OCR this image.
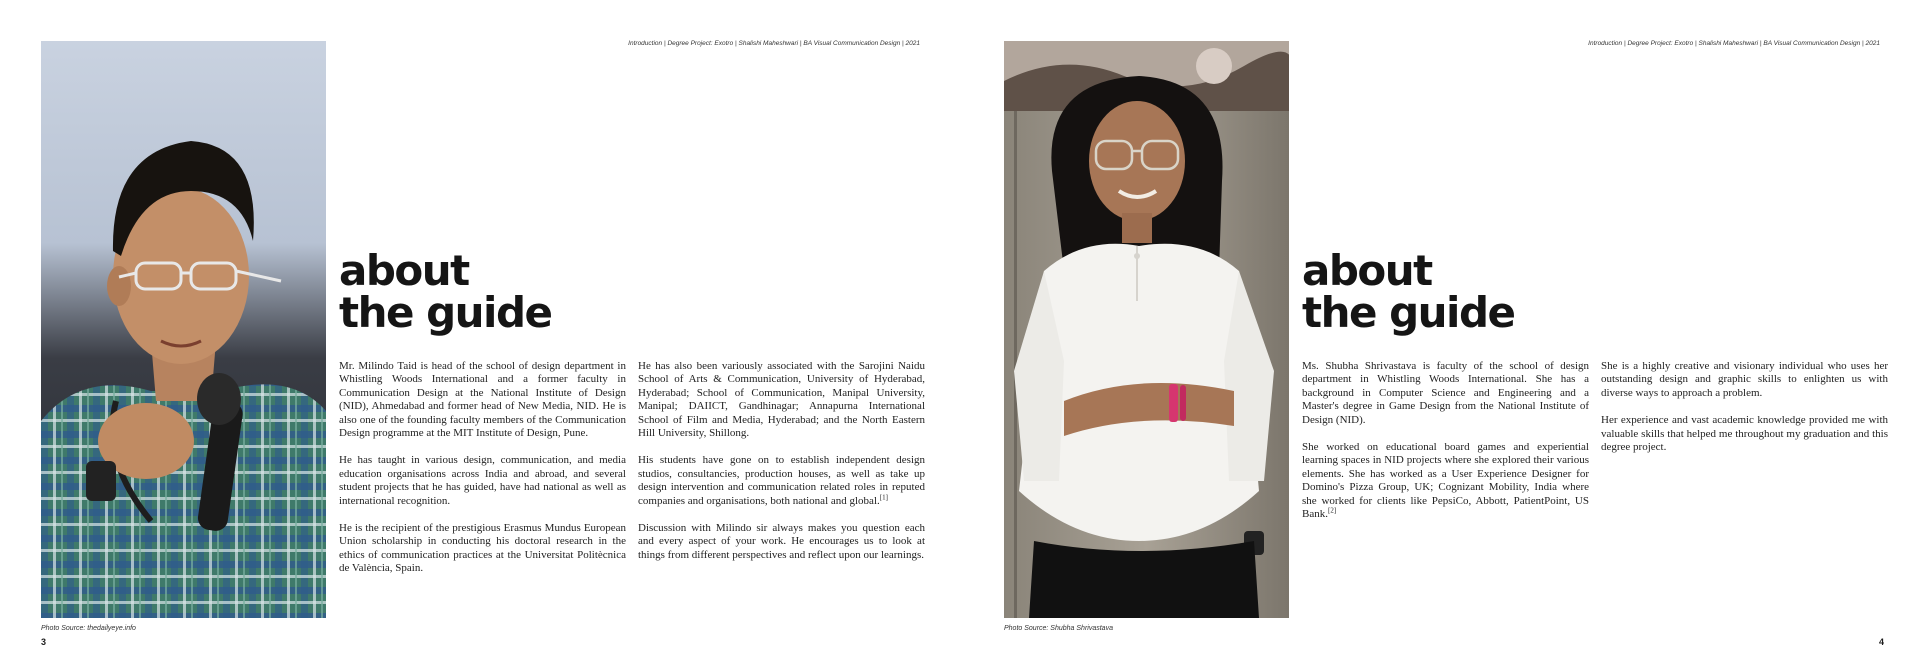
Introduction | Degree Project: Exotro | Shalishi Maheshwari | BA Visual Communication Design | 2021
Photo Source: thedailyeye.info
3
about
the guide

Mr. Milindo Taid is head of the school of design department in Whistling Woods International and a former faculty in Communication Design at the National Institute of Design (NID), Ahmedabad and former head of New Media, NID. He is also one of the founding faculty members of the Communication Design programme at the MIT Institute of Design, Pune.

He has taught in various design, communication, and media education organisations across India and abroad, and several student projects that he has guided, have had national as well as international recognition.

He is the recipient of the prestigious Erasmus Mundus European Union scholarship in conducting his doctoral research in the ethics of communication practices at the Universitat Politècnica de València, Spain.

He has also been variously associated with the Sarojini Naidu School of Arts & Communication, University of Hyderabad, Hyderabad; School of Communication, Manipal University, Manipal; DAIICT, Gandhinagar; Annapurna International School of Film and Media, Hyderabad; and the North Eastern Hill University, Shillong.

His students have gone on to establish independent design studios, consultancies, production houses, as well as take up design intervention and communication related roles in reputed companies and organisations, both national and global.[1]

Discussion with Milindo sir always makes you question each and every aspect of your work. He encourages us to look at things from different perspectives and reflect upon our learnings.

Introduction | Degree Project: Exotro | Shalishi Maheshwari | BA Visual Communication Design | 2021
Photo Source: Shubha Shrivastava
4
about
the guide

Ms. Shubha Shrivastava is faculty of the school of design department in Whistling Woods International. She has a background in Computer Science and Engineering and a Master's degree in Game Design from the National Institute of Design (NID).

She worked on educational board games and experiential learning spaces in NID projects where she explored their various elements. She has worked as a User Experience Designer for Domino's Pizza Group, UK; Cognizant Mobility, India where she worked for clients like PepsiCo, Abbott, PatientPoint, US Bank.[2]

She is a highly creative and visionary individual who uses her outstanding design and graphic skills to enlighten us with diverse ways to approach a problem.

Her experience and vast academic knowledge provided me with valuable skills that helped me throughout my graduation and this degree project.
